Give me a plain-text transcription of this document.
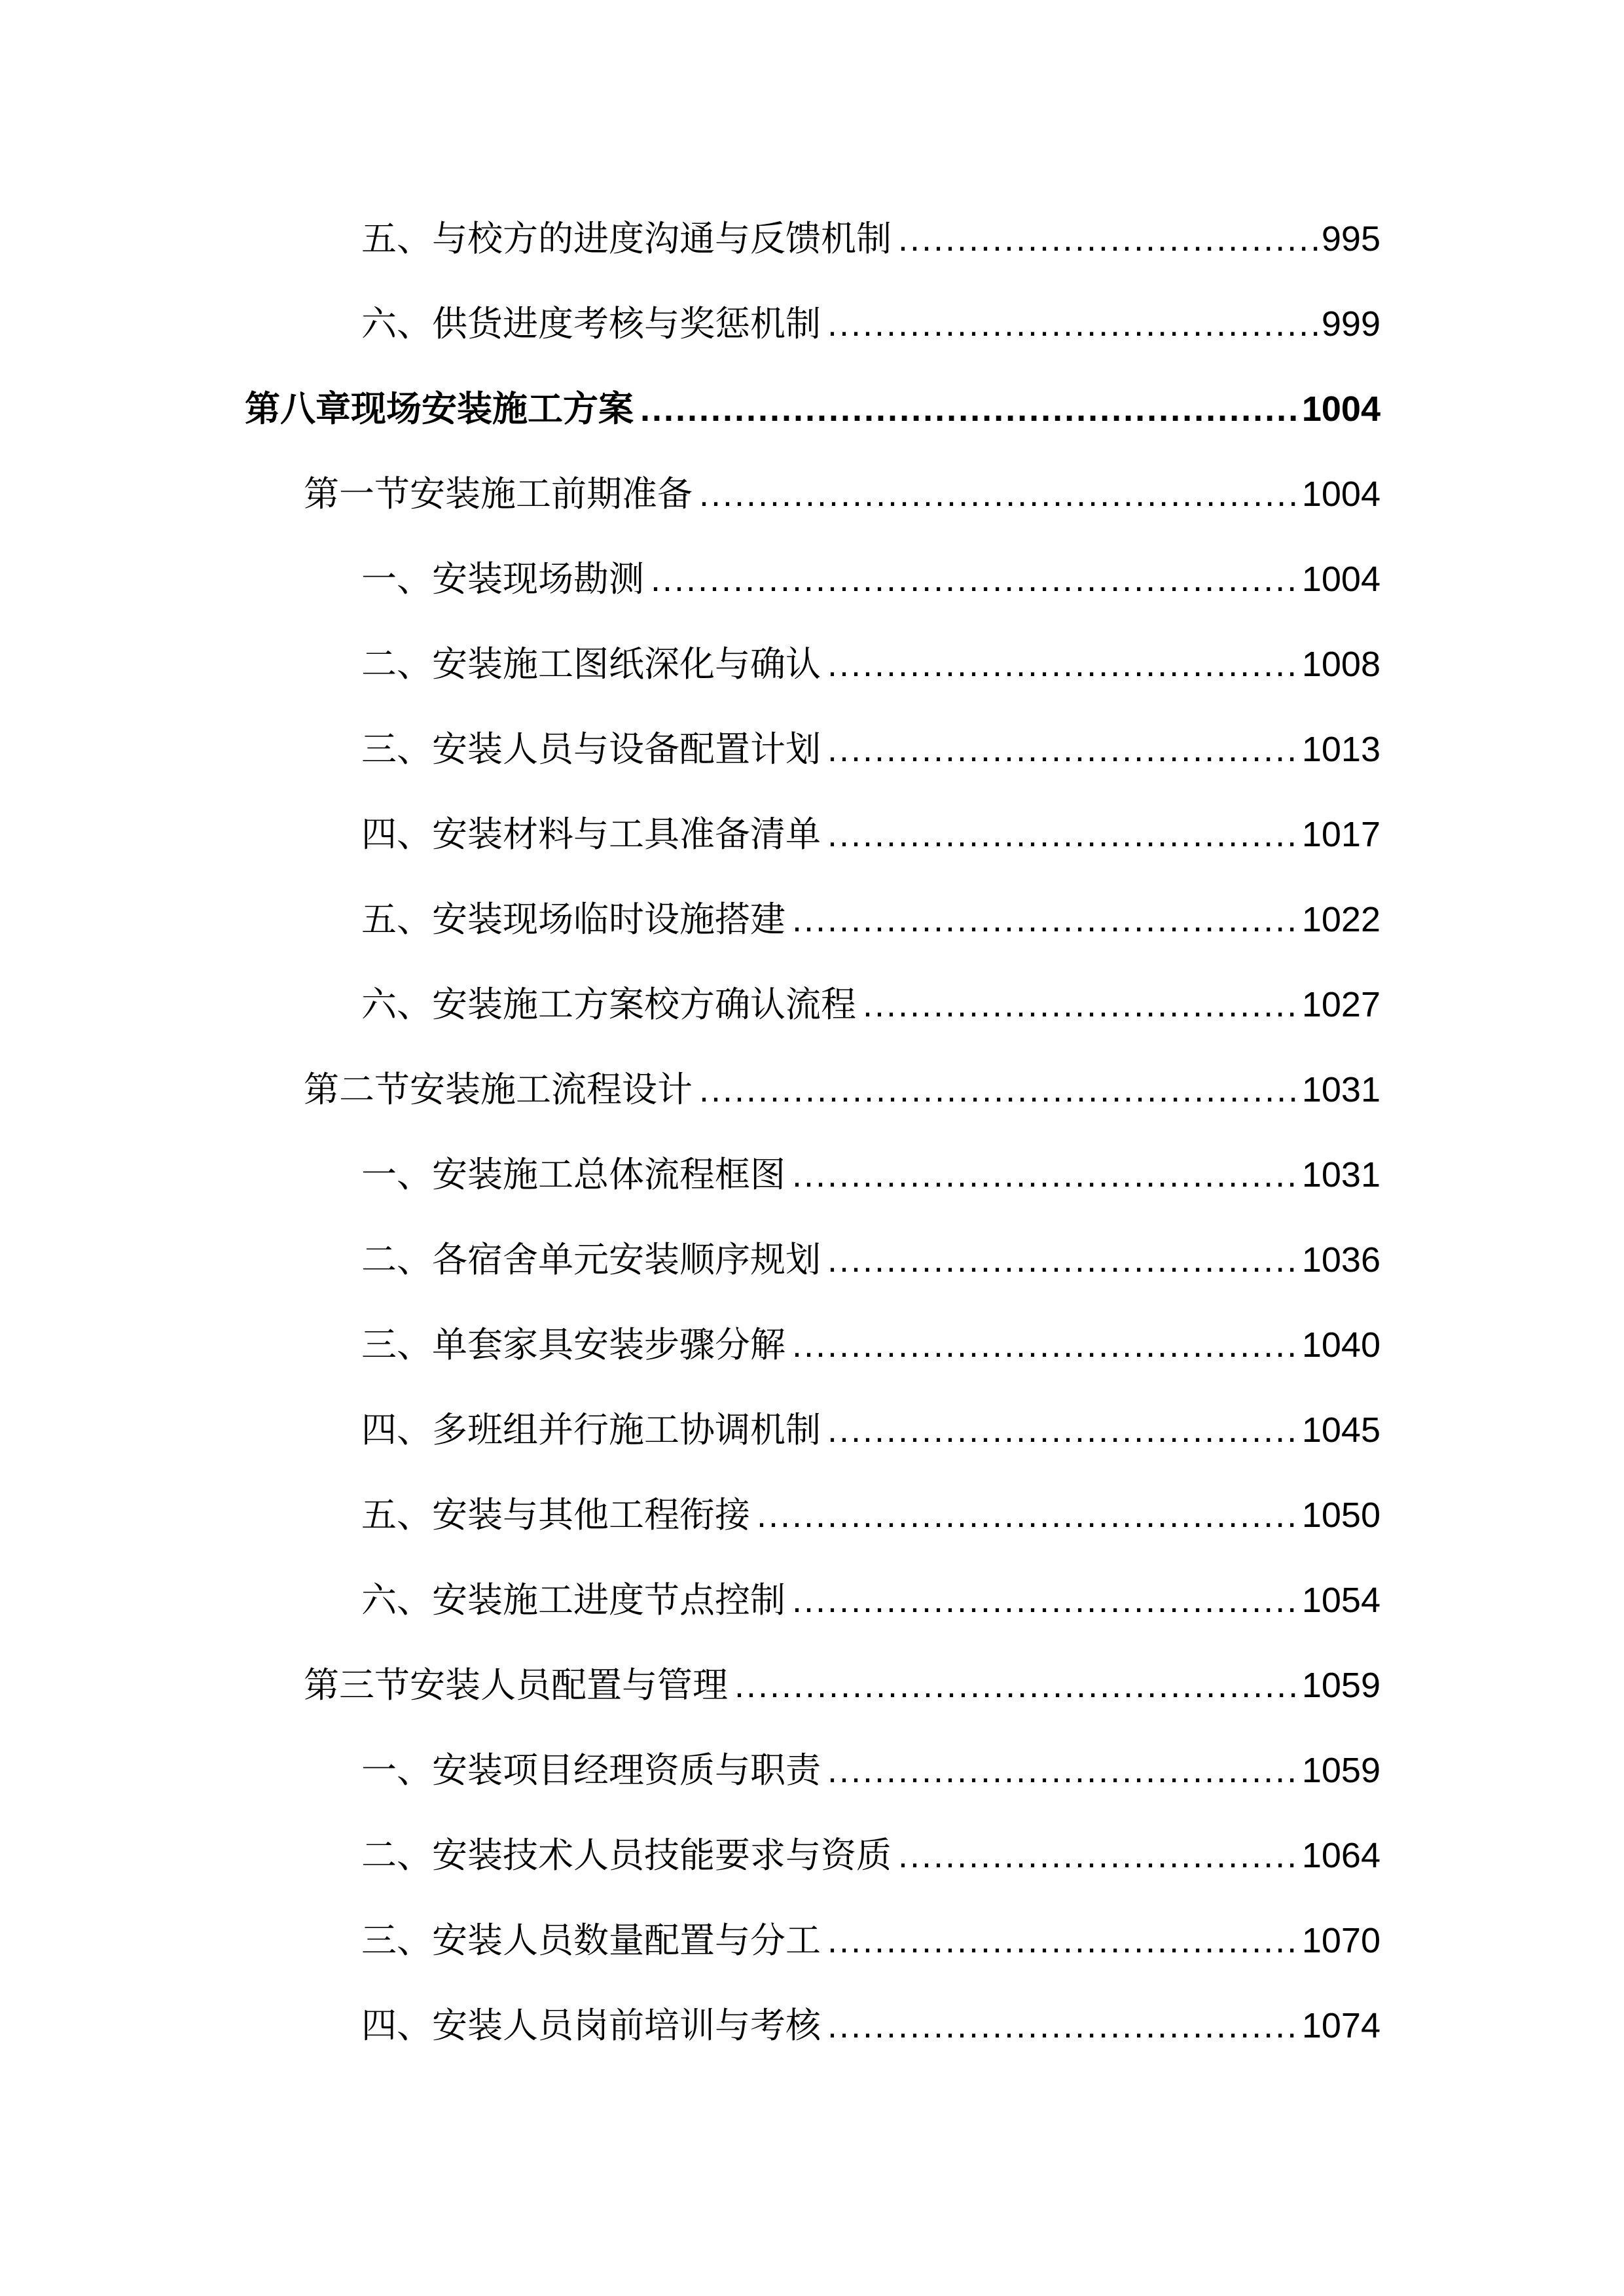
五、与校方的进度沟通与反馈机制 .....	995
六、供货进度考核与奖惩机制 .....	999
第八章现场安装施工方案 .....	1004
第一节安装施工前期准备 .....	1004
一、安装现场勘测 .....	1004
二、安装施工图纸深化与确认 .....	1008
三、安装人员与设备配置计划 .....	1013
四、安装材料与工具准备清单 .....	1017
五、安装现场临时设施搭建 .....	1022
六、安装施工方案校方确认流程 .....	1027
第二节安装施工流程设计 .....	1031
一、安装施工总体流程框图 .....	1031
二、各宿舍单元安装顺序规划 .....	1036
三、单套家具安装步骤分解 .....	1040
四、多班组并行施工协调机制 .....	1045
五、安装与其他工程衔接 .....	1050
六、安装施工进度节点控制 .....	1054
第三节安装人员配置与管理 .....	1059
一、安装项目经理资质与职责 .....	1059
二、安装技术人员技能要求与资质 .....	1064
三、安装人员数量配置与分工 .....	1070
四、安装人员岗前培训与考核 .....	1074
